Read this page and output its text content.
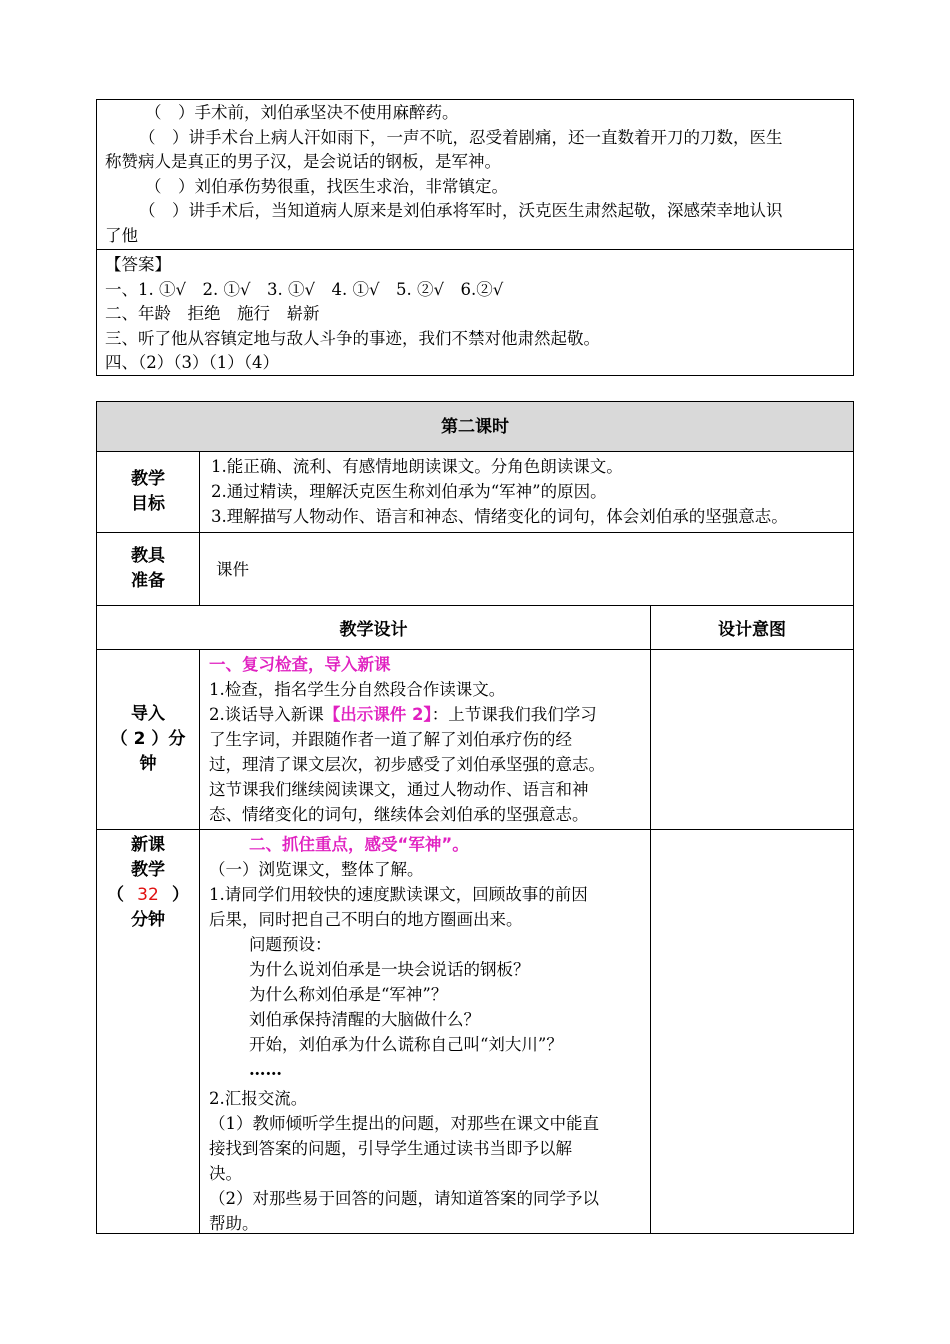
（　）手术前，刘伯承坚决不使用麻醉药。
（　）讲手术台上病人汗如雨下，一声不吭，忍受着剧痛，还一直数着开刀的刀数，医生
称赞病人是真正的男子汉，是会说话的钢板，是军神。
（　）刘伯承伤势很重，找医生求治，非常镇定。
（　）讲手术后，当知道病人原来是刘伯承将军时，沃克医生肃然起敬，深感荣幸地认识
了他
【答案】
一、1. ①√　2. ①√　3. ①√　4. ①√　5. ②√　6.②√
二、年龄　拒绝　施行　崭新
三、听了他从容镇定地与敌人斗争的事迹，我们不禁对他肃然起敬。
四、（2）（3）（1）（4）
第二课时
教学
目标
1.能正确、流利、有感情地朗读课文。分角色朗读课文。
2.通过精读，理解沃克医生称刘伯承为“军神”的原因。
3.理解描写人物动作、语言和神态、情绪变化的词句，体会刘伯承的坚强意志。
教具
准备
课件
教学设计	设计意图
导入
（ 2 ）分
钟

一、复习检查，导入新课

1.检查，指名学生分自然段合作读课文。

2.谈话导入新课【出示课件 2】：上节课我们我们学习

了生字词，并跟随作者一道了解了刘伯承疗伤的经

过，理清了课文层次，初步感受了刘伯承坚强的意志。

这节课我们继续阅读课文，通过人物动作、语言和神

态、情绪变化的词句，继续体会刘伯承的坚强意志。

新课
教学
（ 32 ）
分钟

二、抓住重点，感受“军神”。

（一）浏览课文，整体了解。

1.请同学们用较快的速度默读课文，回顾故事的前因

后果，同时把自己不明白的地方圈画出来。

问题预设：

为什么说刘伯承是一块会说话的钢板？

为什么称刘伯承是“军神”？

刘伯承保持清醒的大脑做什么？

开始，刘伯承为什么谎称自己叫“刘大川”？

……

2.汇报交流。

（1）教师倾听学生提出的问题，对那些在课文中能直

接找到答案的问题，引导学生通过读书当即予以解

决。

（2）对那些易于回答的问题，请知道答案的同学予以

帮助。
